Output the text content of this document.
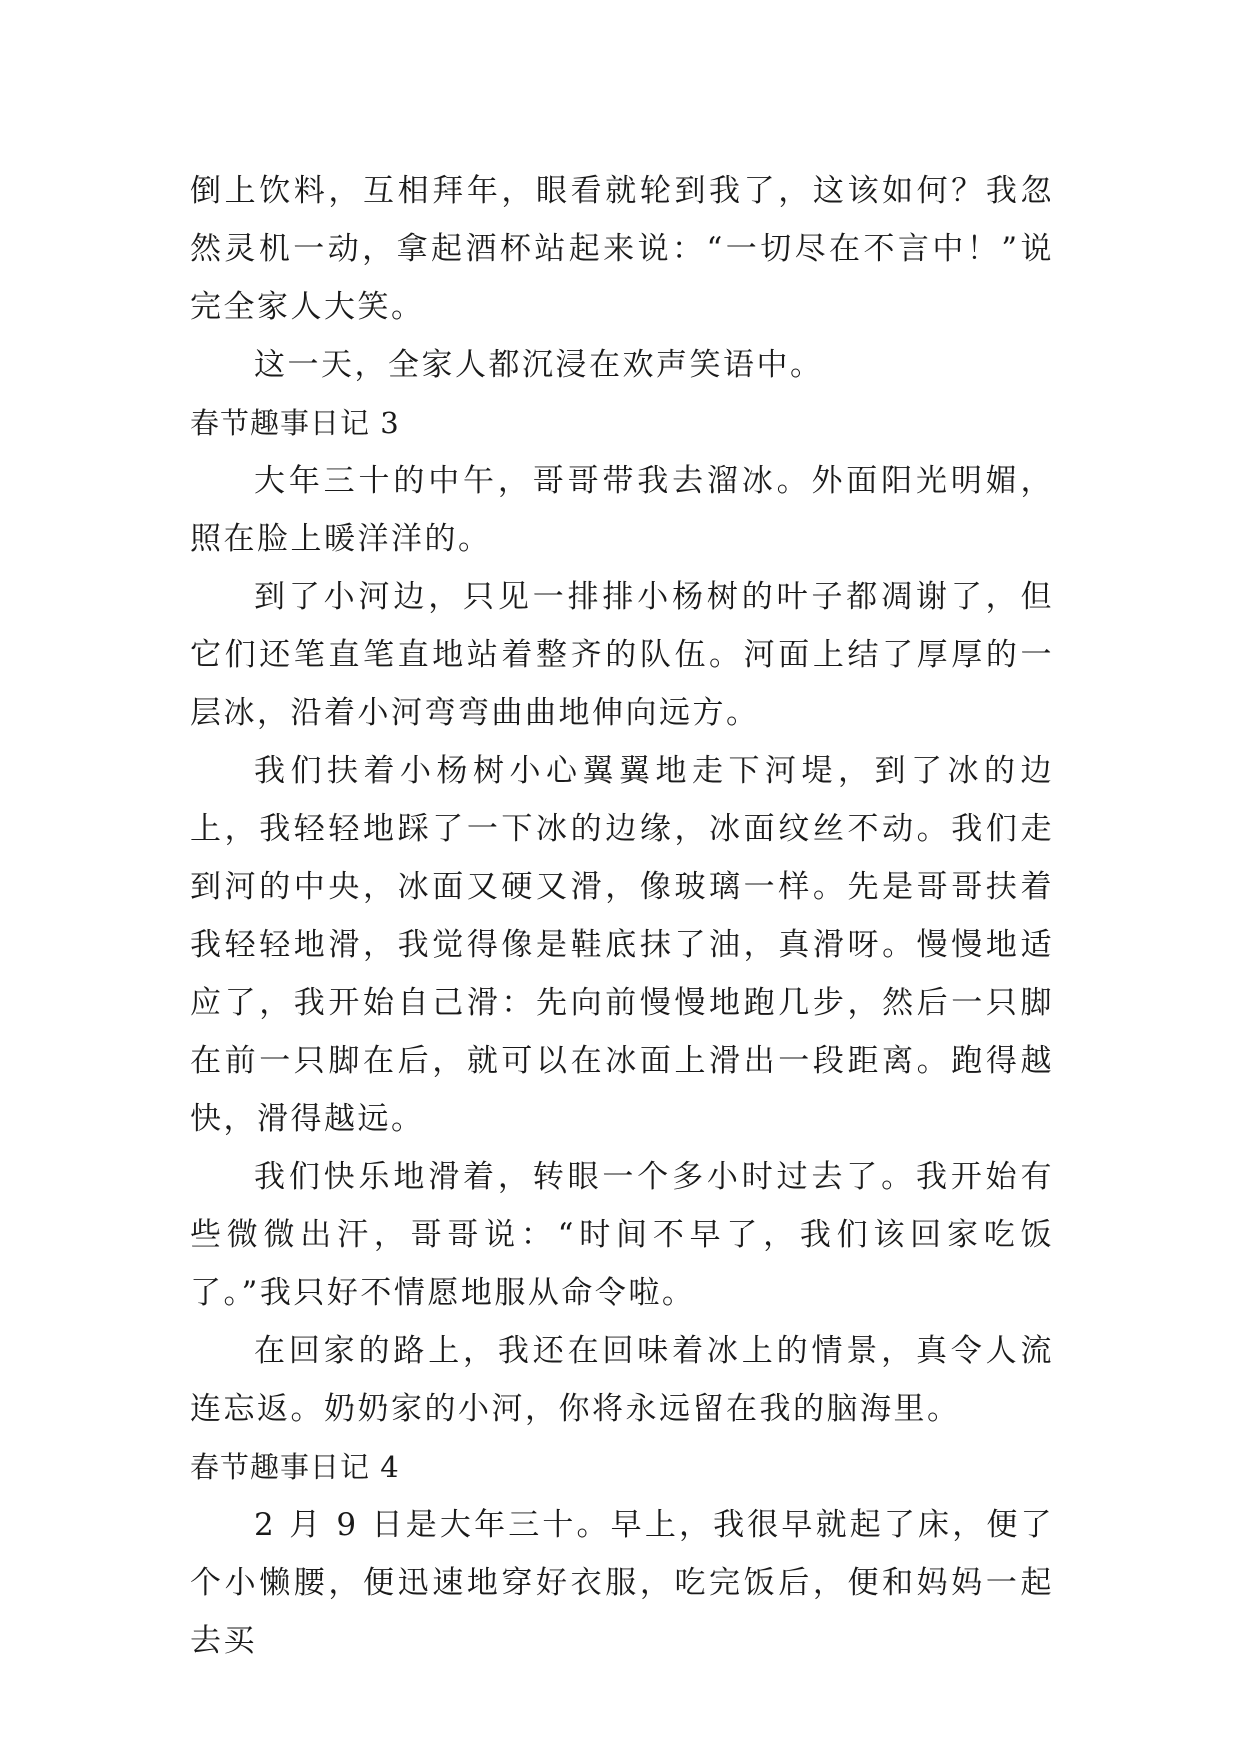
倒上饮料，互相拜年，眼看就轮到我了，这该如何？我忽然灵机一动，拿起酒杯站起来说：“一切尽在不言中！”说完全家人大笑。

这一天，全家人都沉浸在欢声笑语中。

春节趣事日记 3

大年三十的中午，哥哥带我去溜冰。外面阳光明媚，照在脸上暖洋洋的。

到了小河边，只见一排排小杨树的叶子都凋谢了，但它们还笔直笔直地站着整齐的队伍。河面上结了厚厚的一层冰，沿着小河弯弯曲曲地伸向远方。

我们扶着小杨树小心翼翼地走下河堤，到了冰的边上，我轻轻地踩了一下冰的边缘，冰面纹丝不动。我们走到河的中央，冰面又硬又滑，像玻璃一样。先是哥哥扶着我轻轻地滑，我觉得像是鞋底抹了油，真滑呀。慢慢地适应了，我开始自己滑：先向前慢慢地跑几步，然后一只脚在前一只脚在后，就可以在冰面上滑出一段距离。跑得越快，滑得越远。

我们快乐地滑着，转眼一个多小时过去了。我开始有些微微出汗，哥哥说：“时间不早了，我们该回家吃饭了。”我只好不情愿地服从命令啦。

在回家的路上，我还在回味着冰上的情景，真令人流连忘返。奶奶家的小河，你将永远留在我的脑海里。

春节趣事日记 4

2 月 9 日是大年三十。早上，我很早就起了床，便了个小懒腰，便迅速地穿好衣服，吃完饭后，便和妈妈一起去买
